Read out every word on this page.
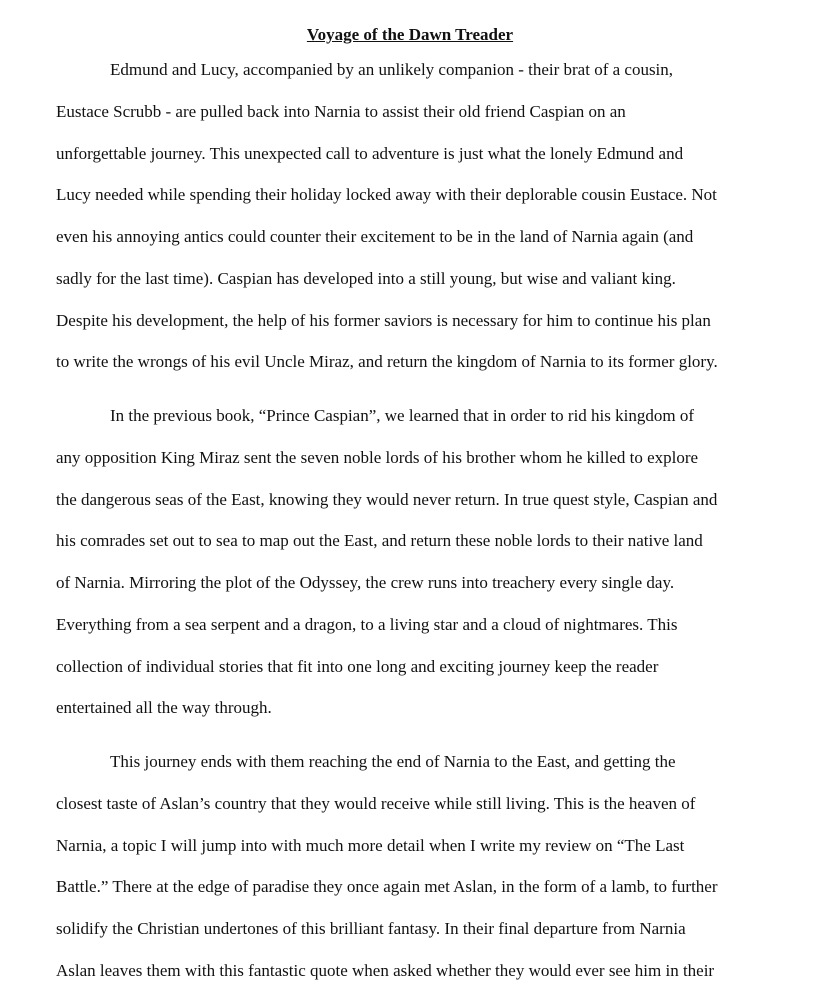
Voyage of the Dawn Treader
Edmund and Lucy, accompanied by an unlikely companion - their brat of a cousin,
Eustace Scrubb - are pulled back into Narnia to assist their old friend Caspian on an
unforgettable journey. This unexpected call to adventure is just what the lonely Edmund and
Lucy needed while spending their holiday locked away with their deplorable cousin Eustace. Not
even his annoying antics could counter their excitement to be in the land of Narnia again (and
sadly for the last time). Caspian has developed into a still young, but wise and valiant king.
Despite his development, the help of his former saviors is necessary for him to continue his plan
to write the wrongs of his evil Uncle Miraz, and return the kingdom of Narnia to its former glory.
In the previous book, “Prince Caspian”, we learned that in order to rid his kingdom of
any opposition King Miraz sent the seven noble lords of his brother whom he killed to explore
the dangerous seas of the East, knowing they would never return. In true quest style, Caspian and
his comrades set out to sea to map out the East, and return these noble lords to their native land
of Narnia. Mirroring the plot of the Odyssey, the crew runs into treachery every single day.
Everything from a sea serpent and a dragon, to a living star and a cloud of nightmares. This
collection of individual stories that fit into one long and exciting journey keep the reader
entertained all the way through.
This journey ends with them reaching the end of Narnia to the East, and getting the
closest taste of Aslan’s country that they would receive while still living. This is the heaven of
Narnia, a topic I will jump into with much more detail when I write my review on “The Last
Battle.” There at the edge of paradise they once again met Aslan, in the form of a lamb, to further
solidify the Christian undertones of this brilliant fantasy. In their final departure from Narnia
Aslan leaves them with this fantastic quote when asked whether they would ever see him in their
